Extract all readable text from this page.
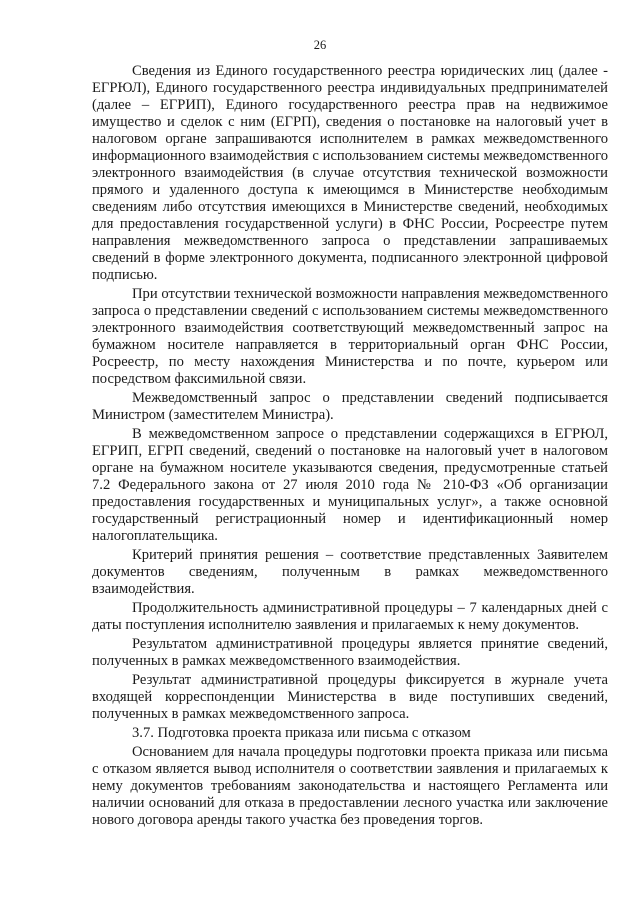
26

Сведения из Единого государственного реестра юридических лиц (далее - ЕГРЮЛ), Единого государственного реестра индивидуальных предпринимателей (далее – ЕГРИП), Единого государственного реестра прав на недвижимое имущество и сделок с ним (ЕГРП), сведения о постановке на налоговый учет в налоговом органе запрашиваются исполнителем в рамках межведомственного информационного взаимодействия с использованием системы межведомственного электронного взаимодействия (в случае отсутствия технической возможности прямого и удаленного доступа к имеющимся в Министерстве необходимым сведениям либо отсутствия имеющихся в Министерстве сведений, необходимых для предоставления государственной услуги) в ФНС России, Росреестре путем направления межведомственного запроса о представлении запрашиваемых сведений в форме электронного документа, подписанного электронной цифровой подписью.

При отсутствии технической возможности направления межведомственного запроса о представлении сведений с использованием системы межведомственного электронного взаимодействия соответствующий межведомственный запрос на бумажном носителе направляется в территориальный орган ФНС России, Росреестр, по месту нахождения Министерства и по почте, курьером или посредством факсимильной связи.

Межведомственный запрос о представлении сведений подписывается Министром (заместителем Министра).

В межведомственном запросе о представлении содержащихся в ЕГРЮЛ, ЕГРИП, ЕГРП сведений, сведений о постановке на налоговый учет в налоговом органе на бумажном носителе указываются сведения, предусмотренные статьей 7.2 Федерального закона от 27 июля 2010 года № 210-ФЗ «Об организации предоставления государственных и муниципальных услуг», а также основной государственный регистрационный номер и идентификационный номер налогоплательщика.

Критерий принятия решения – соответствие представленных Заявителем документов сведениям, полученным в рамках межведомственного взаимодействия.

Продолжительность административной процедуры – 7 календарных дней с даты поступления исполнителю заявления и прилагаемых к нему документов.

Результатом административной процедуры является принятие сведений, полученных в рамках межведомственного взаимодействия.

Результат административной процедуры фиксируется в журнале учета входящей корреспонденции Министерства в виде поступивших сведений, полученных в рамках межведомственного запроса.

3.7. Подготовка проекта приказа или письма с отказом

Основанием для начала процедуры подготовки проекта приказа или письма с отказом является вывод исполнителя о соответствии заявления и прилагаемых к нему документов требованиям законодательства и настоящего Регламента или наличии оснований для отказа в предоставлении лесного участка или заключение нового договора аренды такого участка без проведения торгов.
